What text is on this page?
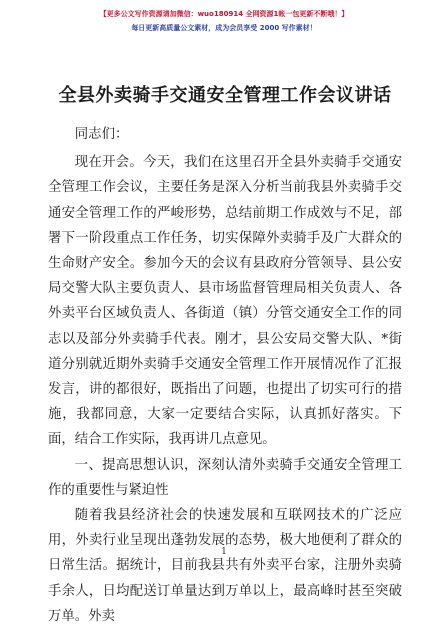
【更多公文写作资源请加微信：wuo180914 全网资源1帐一包更新不断哦！】
每日更新高质量公文素材，成为会员享受 2000 写作素材！
全县外卖骑手交通安全管理工作会议讲话

同志们：

现在开会。今天，我们在这里召开全县外卖骑手交通安全管理工作会议，主要任务是深入分析当前我县外卖骑手交通安全管理工作的严峻形势，总结前期工作成效与不足，部署下一阶段重点工作任务，切实保障外卖骑手及广大群众的生命财产安全。参加今天的会议有县政府分管领导、县公安局交警大队主要负责人、县市场监督管理局相关负责人、各外卖平台区域负责人、各街道（镇）分管交通安全工作的同志以及部分外卖骑手代表。刚才，县公安局交警大队、*街道分别就近期外卖骑手交通安全管理工作开展情况作了汇报发言，讲的都很好，既指出了问题，也提出了切实可行的措施，我都同意，大家一定要结合实际，认真抓好落实。下面，结合工作实际，我再讲几点意见。

一、提高思想认识，深刻认清外卖骑手交通安全管理工作的重要性与紧迫性

随着我县经济社会的快速发展和互联网技术的广泛应用，外卖行业呈现出蓬勃发展的态势，极大地便利了群众的日常生活。据统计，目前我县共有外卖平台家，注册外卖骑手余人，日均配送订单量达到万单以上，最高峰时甚至突破万单。外卖

1
